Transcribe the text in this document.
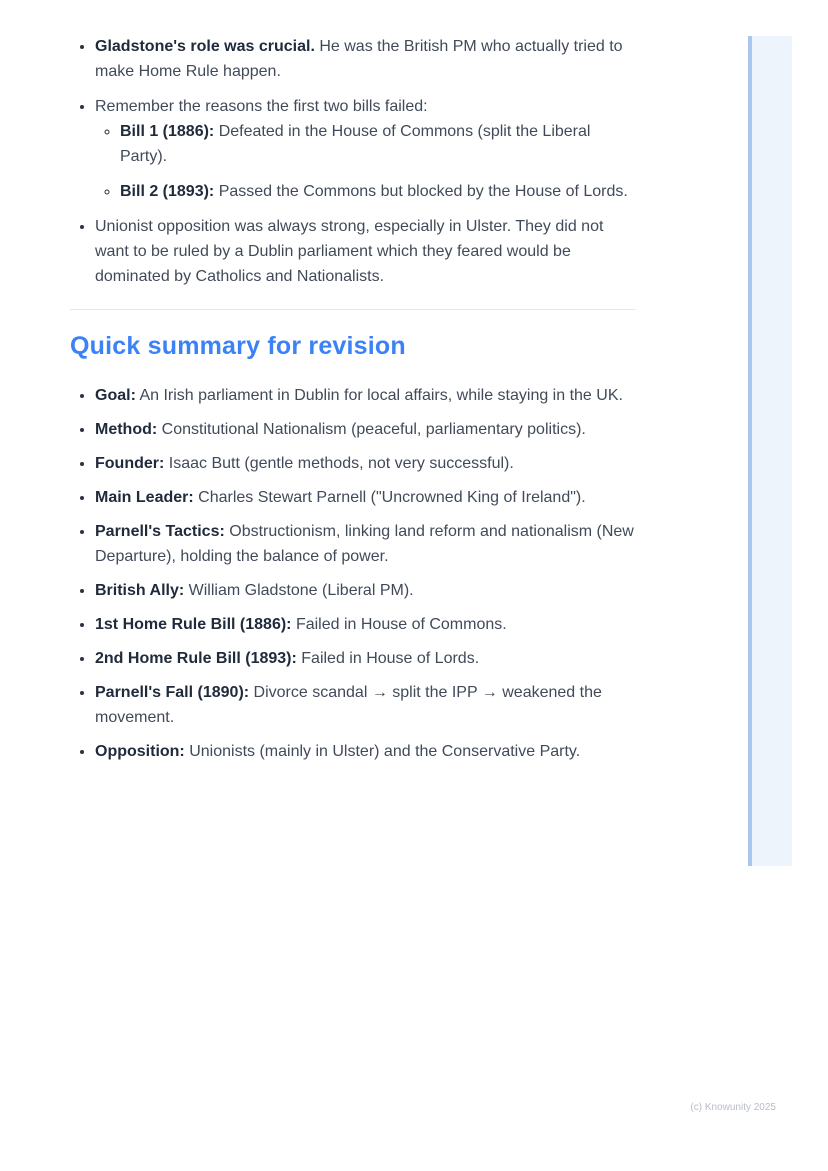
• Gladstone's role was crucial. He was the British PM who actually tried to make Home Rule happen.
• Remember the reasons the first two bills failed:
◦ Bill 1 (1886): Defeated in the House of Commons (split the Liberal Party).
◦ Bill 2 (1893): Passed the Commons but blocked by the House of Lords.
• Unionist opposition was always strong, especially in Ulster. They did not want to be ruled by a Dublin parliament which they feared would be dominated by Catholics and Nationalists.
Quick summary for revision
• Goal: An Irish parliament in Dublin for local affairs, while staying in the UK.
• Method: Constitutional Nationalism (peaceful, parliamentary politics).
• Founder: Isaac Butt (gentle methods, not very successful).
• Main Leader: Charles Stewart Parnell ("Uncrowned King of Ireland").
• Parnell's Tactics: Obstructionism, linking land reform and nationalism (New Departure), holding the balance of power.
• British Ally: William Gladstone (Liberal PM).
• 1st Home Rule Bill (1886): Failed in House of Commons.
• 2nd Home Rule Bill (1893): Failed in House of Lords.
• Parnell's Fall (1890): Divorce scandal → split the IPP → weakened the movement.
• Opposition: Unionists (mainly in Ulster) and the Conservative Party.
(c) Knowunity 2025
